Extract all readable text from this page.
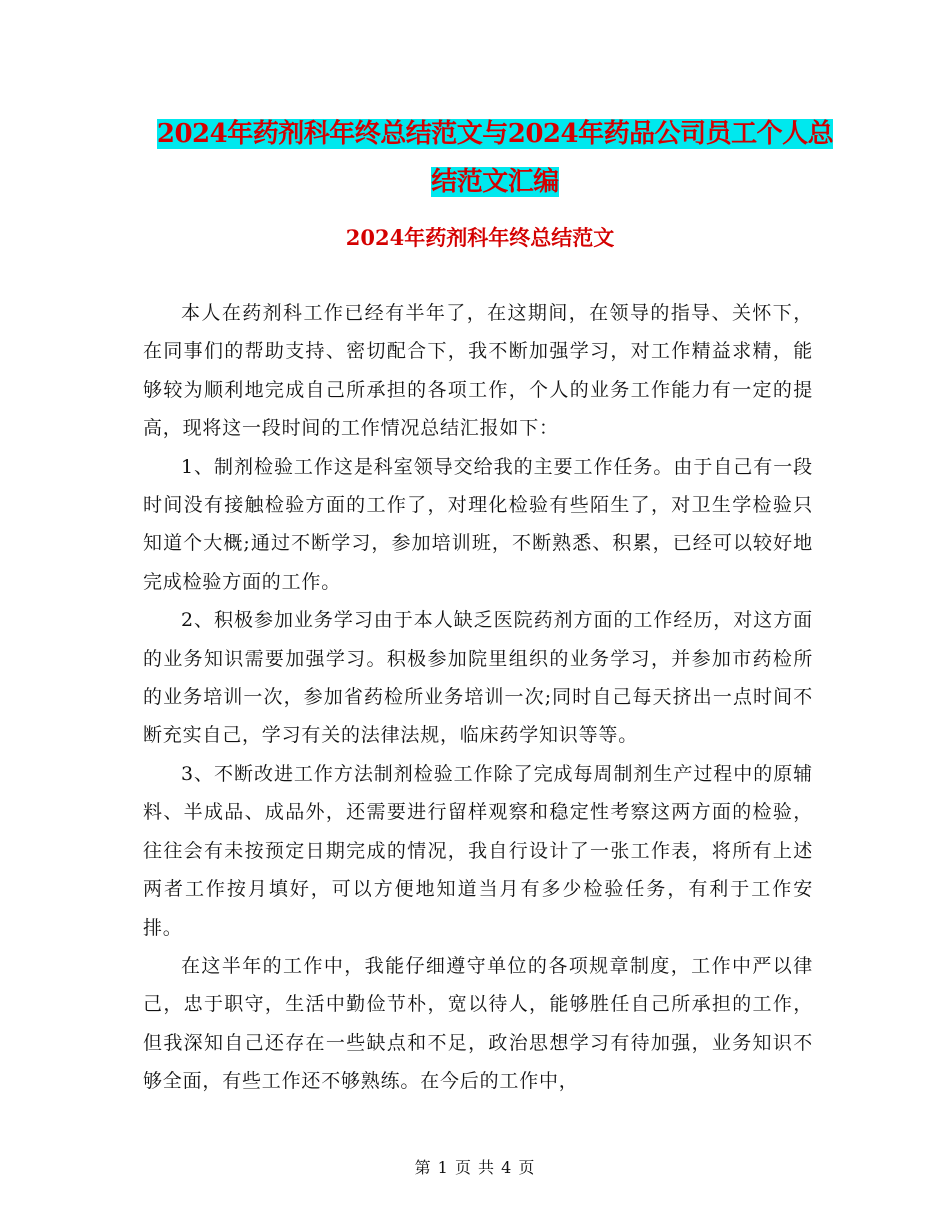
2024年药剂科年终总结范文与2024年药品公司员工个人总结范文汇编
2024年药剂科年终总结范文

本人在药剂科工作已经有半年了，在这期间，在领导的指导、关怀下，在同事们的帮助支持、密切配合下，我不断加强学习，对工作精益求精，能够较为顺利地完成自己所承担的各项工作，个人的业务工作能力有一定的提高，现将这一段时间的工作情况总结汇报如下：

1、制剂检验工作这是科室领导交给我的主要工作任务。由于自己有一段时间没有接触检验方面的工作了，对理化检验有些陌生了，对卫生学检验只知道个大概;通过不断学习，参加培训班，不断熟悉、积累，已经可以较好地完成检验方面的工作。

2、积极参加业务学习由于本人缺乏医院药剂方面的工作经历，对这方面的业务知识需要加强学习。积极参加院里组织的业务学习，并参加市药检所的业务培训一次，参加省药检所业务培训一次;同时自己每天挤出一点时间不断充实自己，学习有关的法律法规，临床药学知识等等。

3、不断改进工作方法制剂检验工作除了完成每周制剂生产过程中的原辅料、半成品、成品外，还需要进行留样观察和稳定性考察这两方面的检验，往往会有未按预定日期完成的情况，我自行设计了一张工作表，将所有上述两者工作按月填好，可以方便地知道当月有多少检验任务，有利于工作安排。

在这半年的工作中，我能仔细遵守单位的各项规章制度，工作中严以律己，忠于职守，生活中勤俭节朴，宽以待人，能够胜任自己所承担的工作，但我深知自己还存在一些缺点和不足，政治思想学习有待加强，业务知识不够全面，有些工作还不够熟练。在今后的工作中，

第 1 页 共 4 页
